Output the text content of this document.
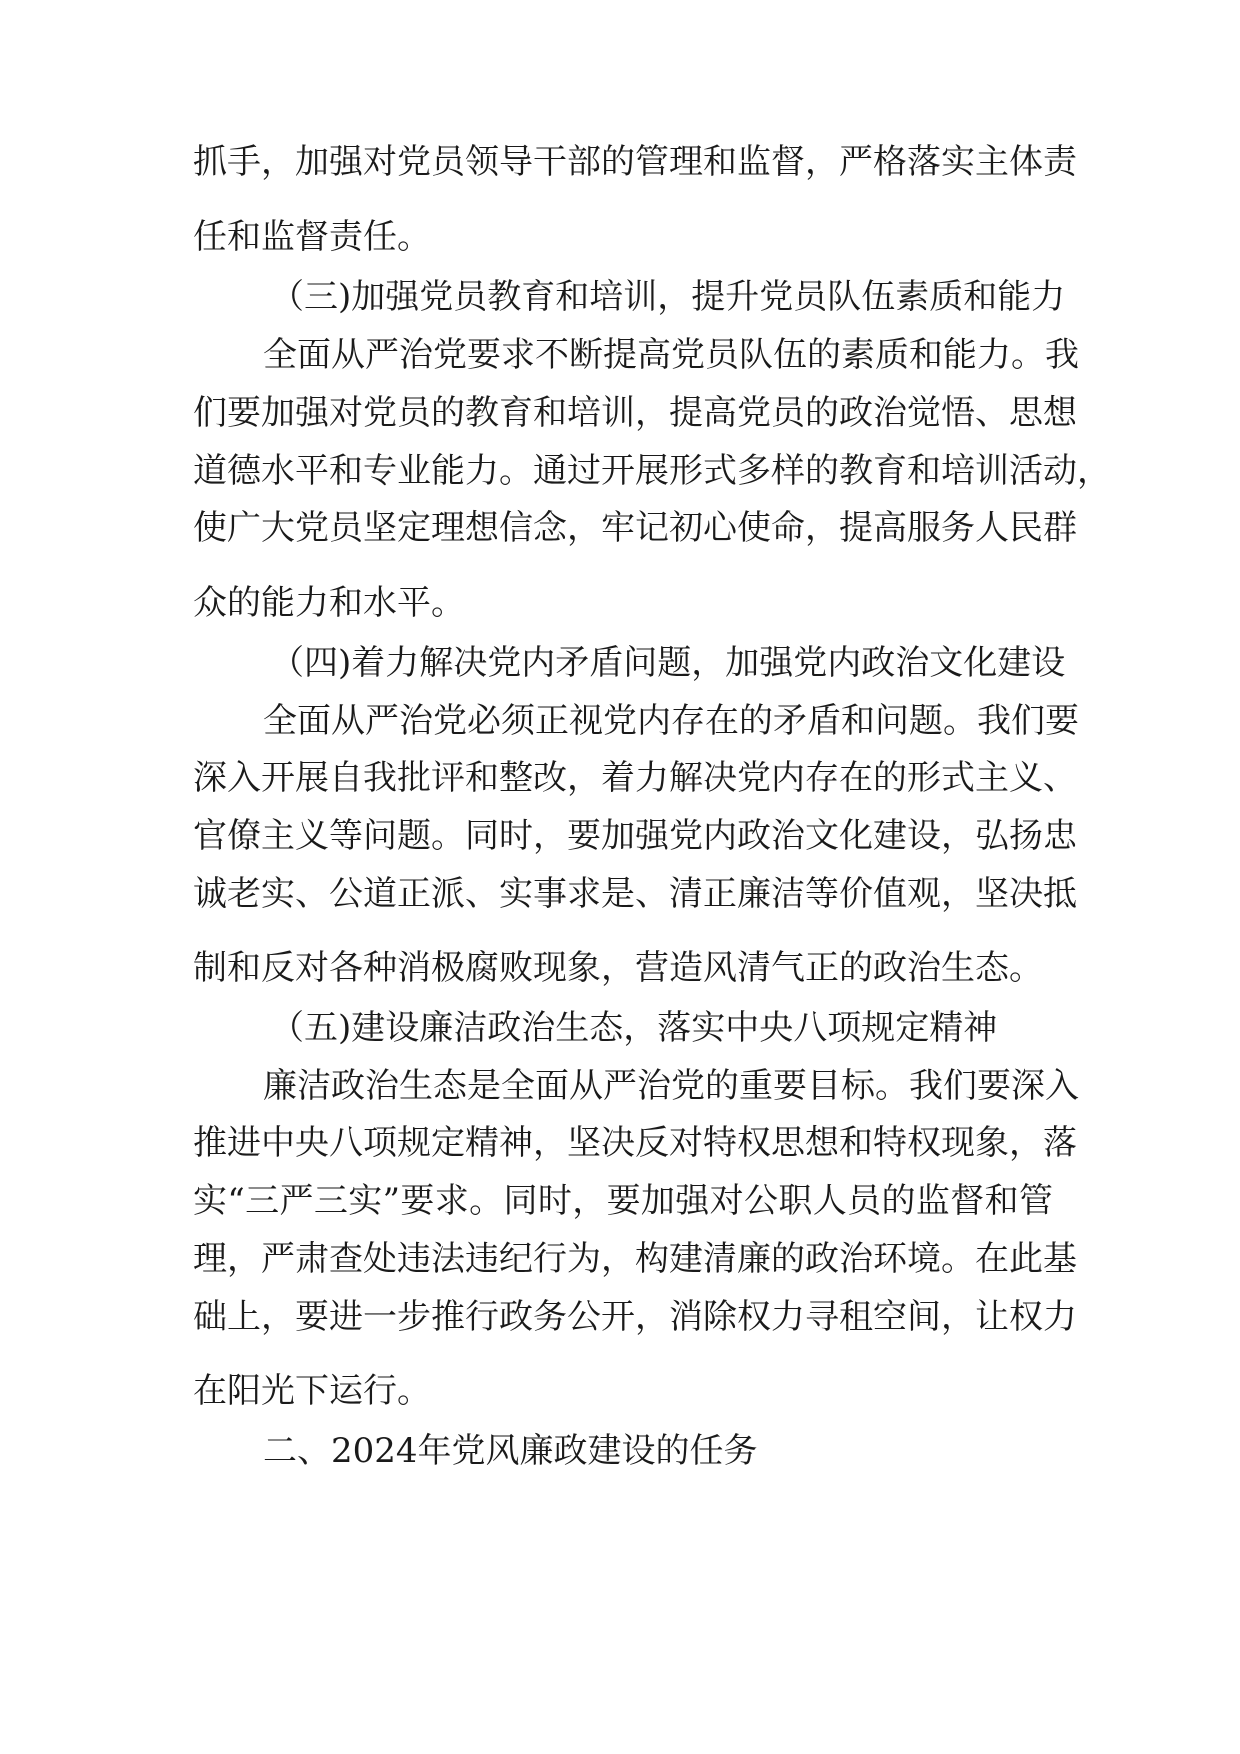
抓手，加强对党员领导干部的管理和监督，严格落实主体责
任和监督责任。
（三)加强党员教育和培训，提升党员队伍素质和能力
全面从严治党要求不断提高党员队伍的素质和能力。我
们要加强对党员的教育和培训，提高党员的政治觉悟、思想
道德水平和专业能力。通过开展形式多样的教育和培训活动，
使广大党员坚定理想信念，牢记初心使命，提高服务人民群
众的能力和水平。
（四)着力解决党内矛盾问题，加强党内政治文化建设
全面从严治党必须正视党内存在的矛盾和问题。我们要
深入开展自我批评和整改，着力解决党内存在的形式主义、
官僚主义等问题。同时，要加强党内政治文化建设，弘扬忠
诚老实、公道正派、实事求是、清正廉洁等价值观，坚决抵
制和反对各种消极腐败现象，营造风清气正的政治生态。
（五)建设廉洁政治生态，落实中央八项规定精神
廉洁政治生态是全面从严治党的重要目标。我们要深入
推进中央八项规定精神，坚决反对特权思想和特权现象，落
实“三严三实”要求。同时，要加强对公职人员的监督和管
理，严肃查处违法违纪行为，构建清廉的政治环境。在此基
础上，要进一步推行政务公开，消除权力寻租空间，让权力
在阳光下运行。
二、2024年党风廉政建设的任务
